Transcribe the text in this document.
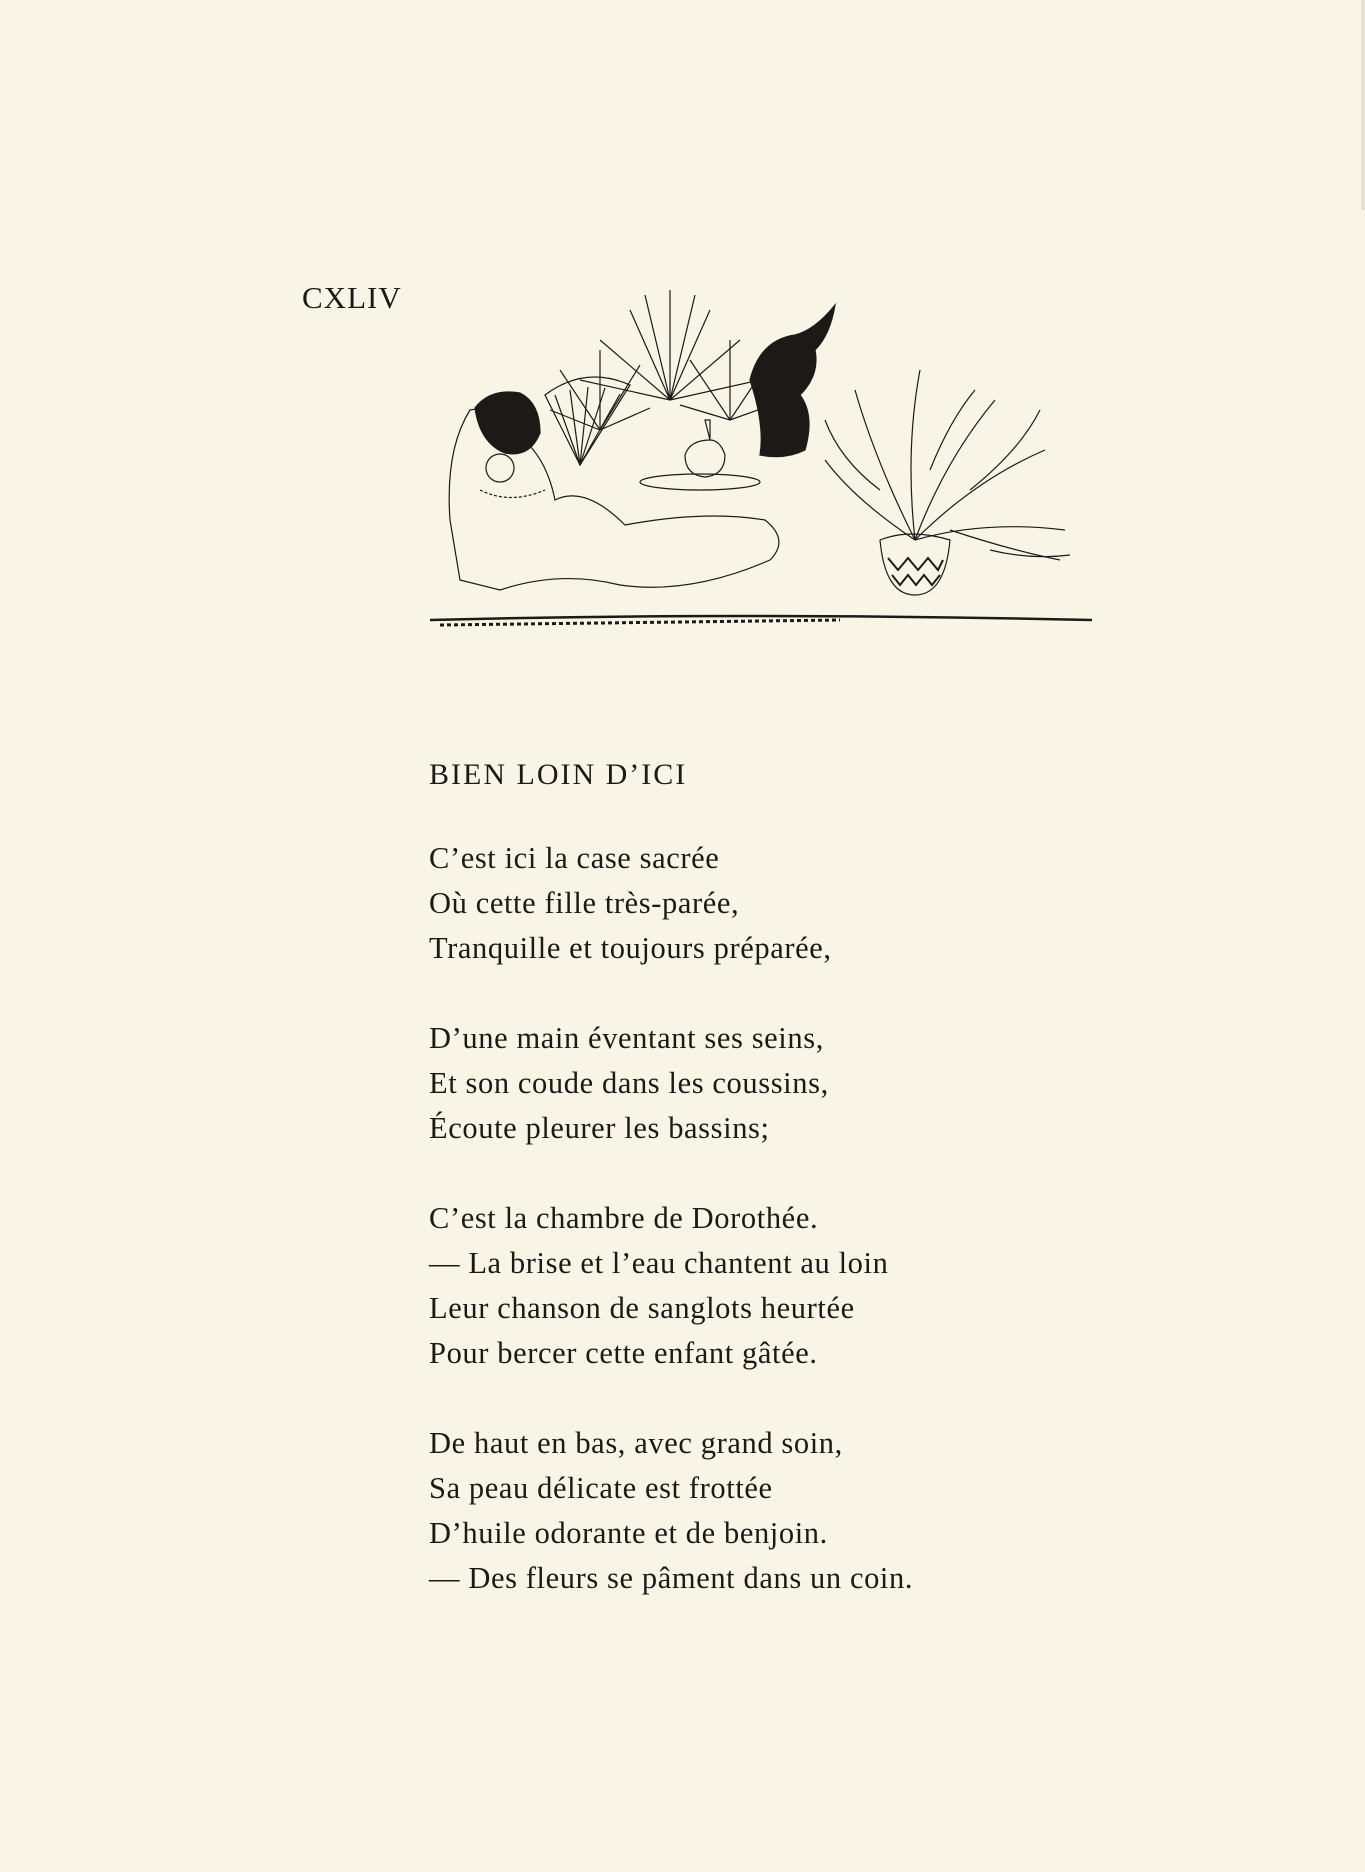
CXLIV
BIEN LOIN D’ICI
C’est ici la case sacrée
Où cette fille très-parée,
Tranquille et toujours préparée,
D’une main éventant ses seins,
Et son coude dans les coussins,
Écoute pleurer les bassins;
C’est la chambre de Dorothée.
— La brise et l’eau chantent au loin
Leur chanson de sanglots heurtée
Pour bercer cette enfant gâtée.
De haut en bas, avec grand soin,
Sa peau délicate est frottée
D’huile odorante et de benjoin.
— Des fleurs se pâment dans un coin.
